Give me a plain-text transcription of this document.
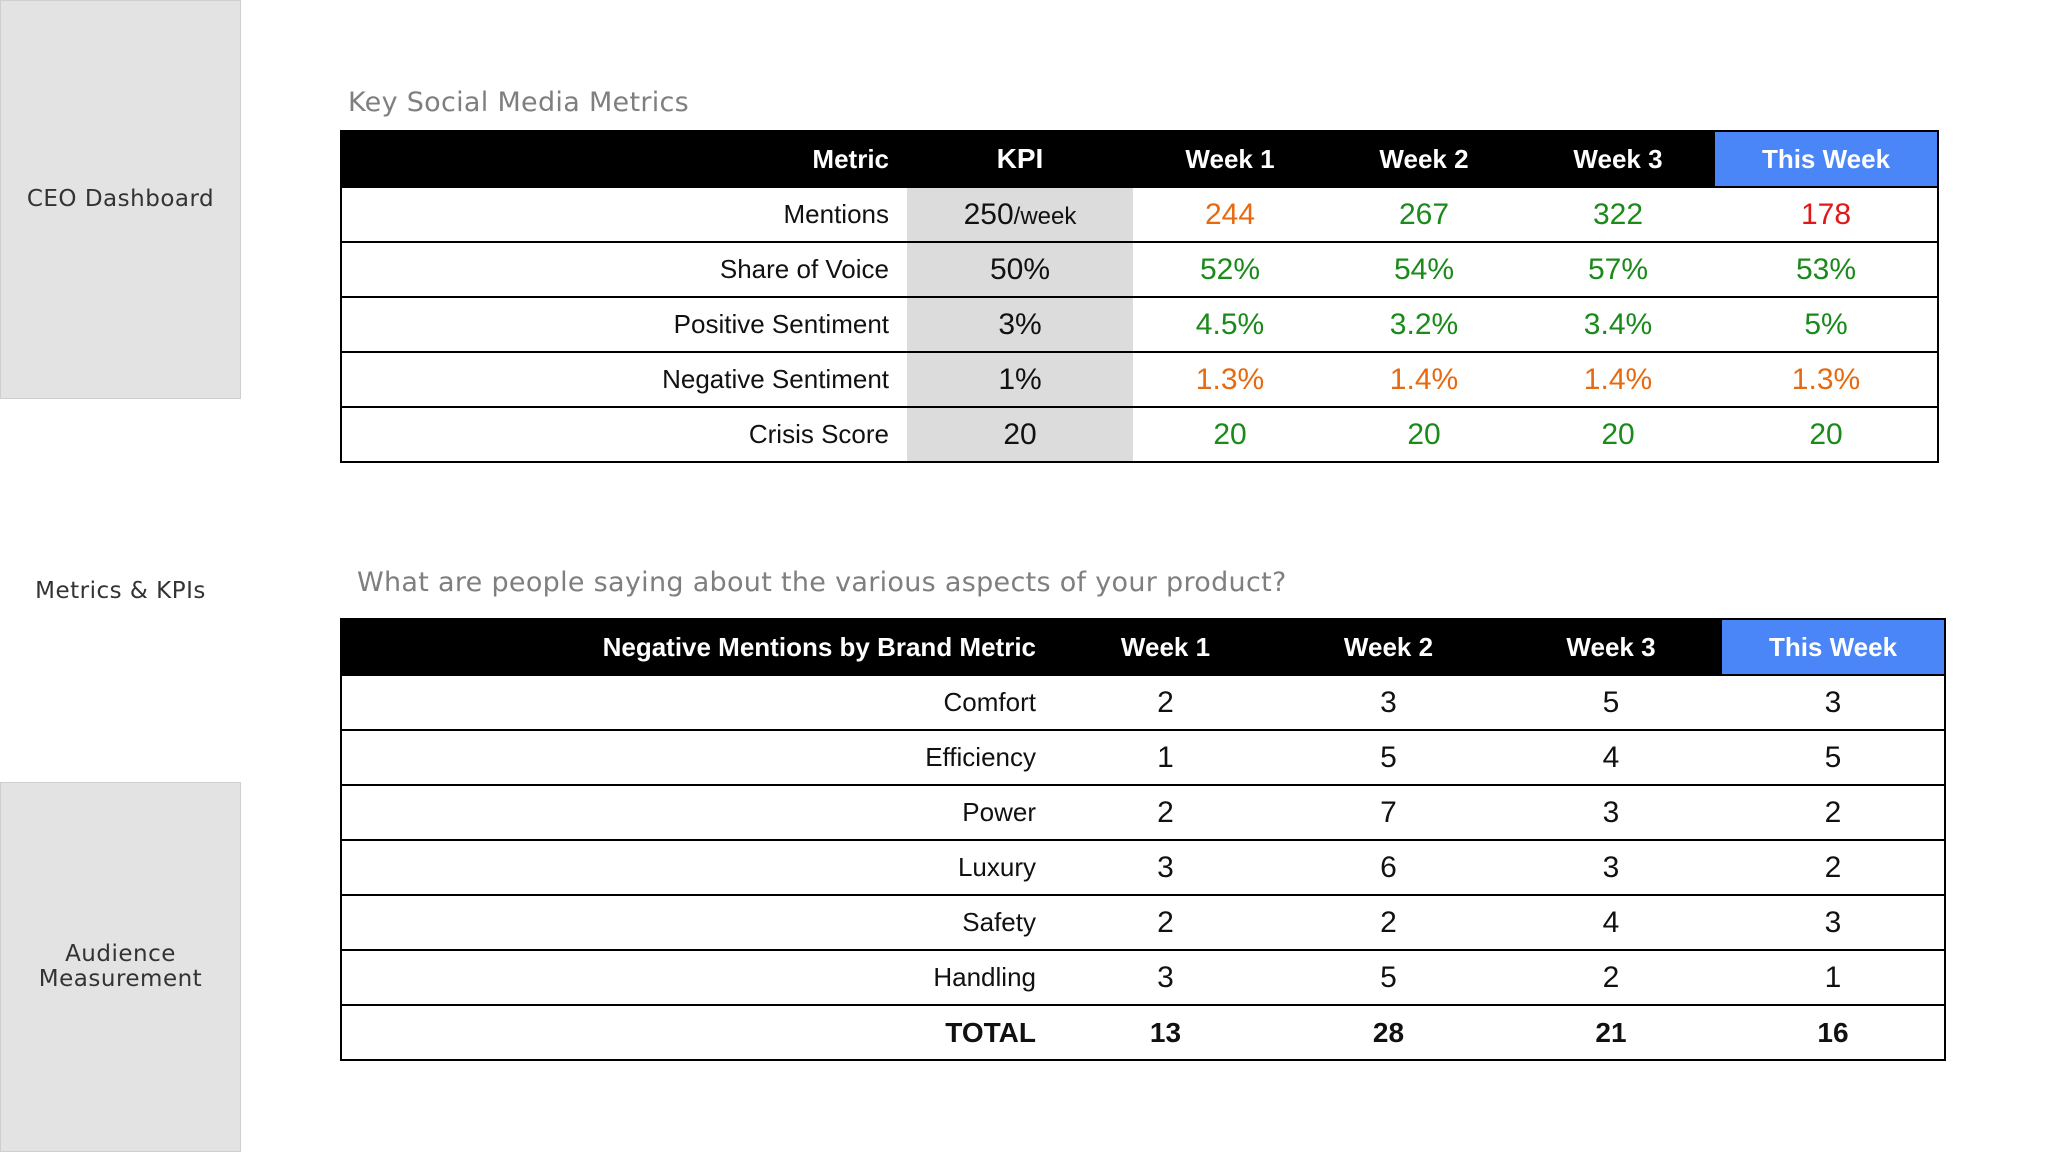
CEO Dashboard
Metrics & KPIs
Audience
Measurement
Key Social Media Metrics
Metric	KPI	Week 1	Week 2	Week 3	This Week
Mentions	250/week	244	267	322	178
Share of Voice	50%	52%	54%	57%	53%
Positive Sentiment	3%	4.5%	3.2%	3.4%	5%
Negative Sentiment	1%	1.3%	1.4%	1.4%	1.3%
Crisis Score	20	20	20	20	20
What are people saying about the various aspects of your product?
Negative Mentions by Brand Metric	Week 1	Week 2	Week 3	This Week
Comfort	2	3	5	3
Efficiency	1	5	4	5
Power	2	7	3	2
Luxury	3	6	3	2
Safety	2	2	4	3
Handling	3	5	2	1
TOTAL	13	28	21	16
